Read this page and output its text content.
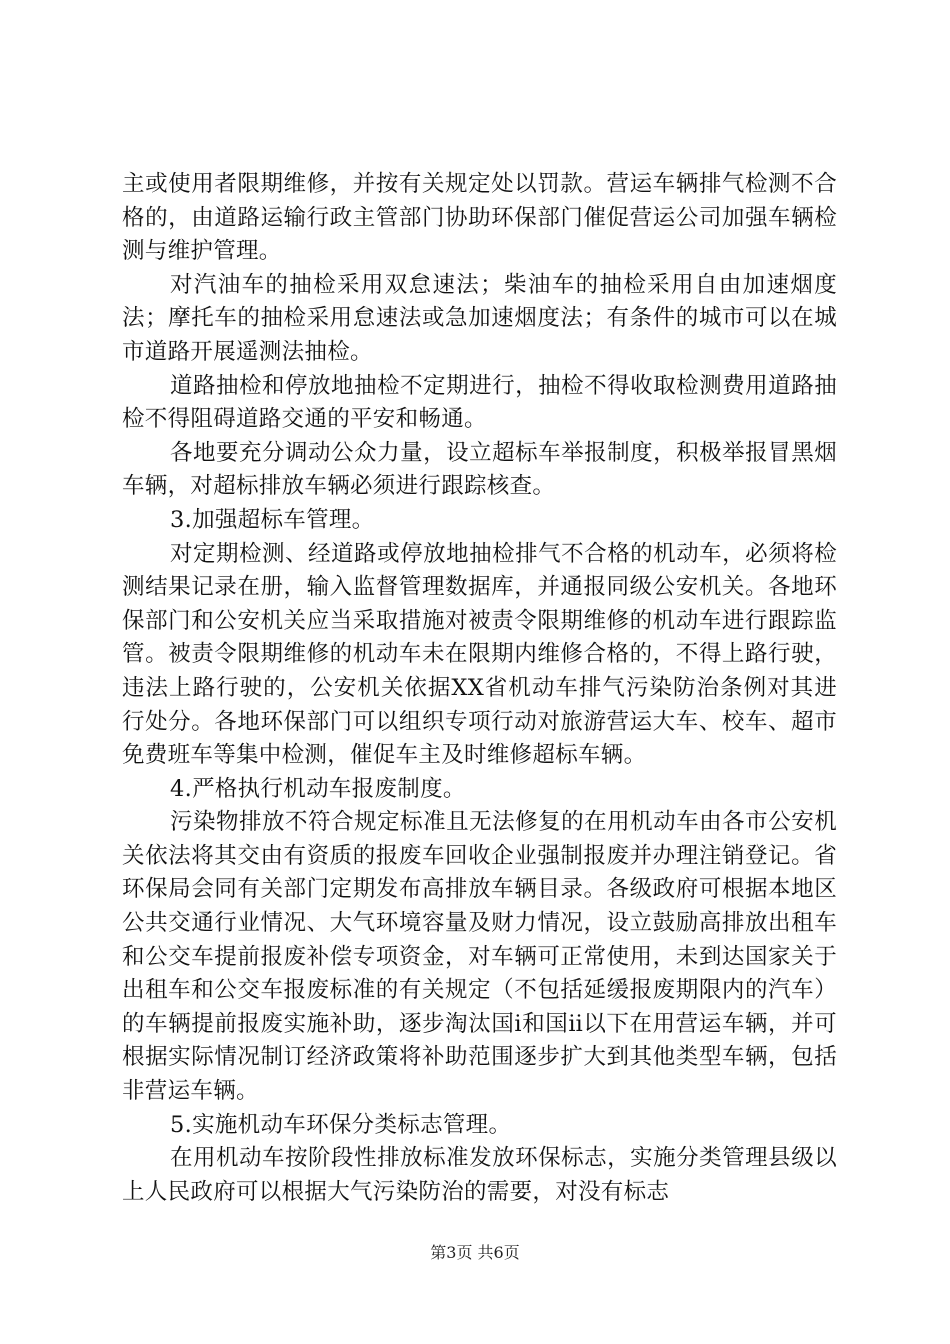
主或使用者限期维修，并按有关规定处以罚款。营运车辆排气检测不合格的，由道路运输行政主管部门协助环保部门催促营运公司加强车辆检测与维护管理。

对汽油车的抽检采用双怠速法；柴油车的抽检采用自由加速烟度法；摩托车的抽检采用怠速法或急加速烟度法；有条件的城市可以在城市道路开展遥测法抽检。

道路抽检和停放地抽检不定期进行，抽检不得收取检测费用道路抽检不得阻碍道路交通的平安和畅通。

各地要充分调动公众力量，设立超标车举报制度，积极举报冒黑烟车辆，对超标排放车辆必须进行跟踪核查。

3.加强超标车管理。

对定期检测、经道路或停放地抽检排气不合格的机动车，必须将检测结果记录在册，输入监督管理数据库，并通报同级公安机关。各地环保部门和公安机关应当采取措施对被责令限期维修的机动车进行跟踪监管。被责令限期维修的机动车未在限期内维修合格的，不得上路行驶，违法上路行驶的，公安机关依据XX省机动车排气污染防治条例对其进行处分。各地环保部门可以组织专项行动对旅游营运大车、校车、超市免费班车等集中检测，催促车主及时维修超标车辆。

4.严格执行机动车报废制度。

污染物排放不符合规定标准且无法修复的在用机动车由各市公安机关依法将其交由有资质的报废车回收企业强制报废并办理注销登记。省环保局会同有关部门定期发布高排放车辆目录。各级政府可根据本地区公共交通行业情况、大气环境容量及财力情况，设立鼓励高排放出租车和公交车提前报废补偿专项资金，对车辆可正常使用，未到达国家关于出租车和公交车报废标准的有关规定（不包括延缓报废期限内的汽车）的车辆提前报废实施补助，逐步淘汰国ⅰ和国ⅱ以下在用营运车辆，并可根据实际情况制订经济政策将补助范围逐步扩大到其他类型车辆，包括非营运车辆。

5.实施机动车环保分类标志管理。

在用机动车按阶段性排放标准发放环保标志，实施分类管理县级以上人民政府可以根据大气污染防治的需要，对没有标志

第3页 共6页
